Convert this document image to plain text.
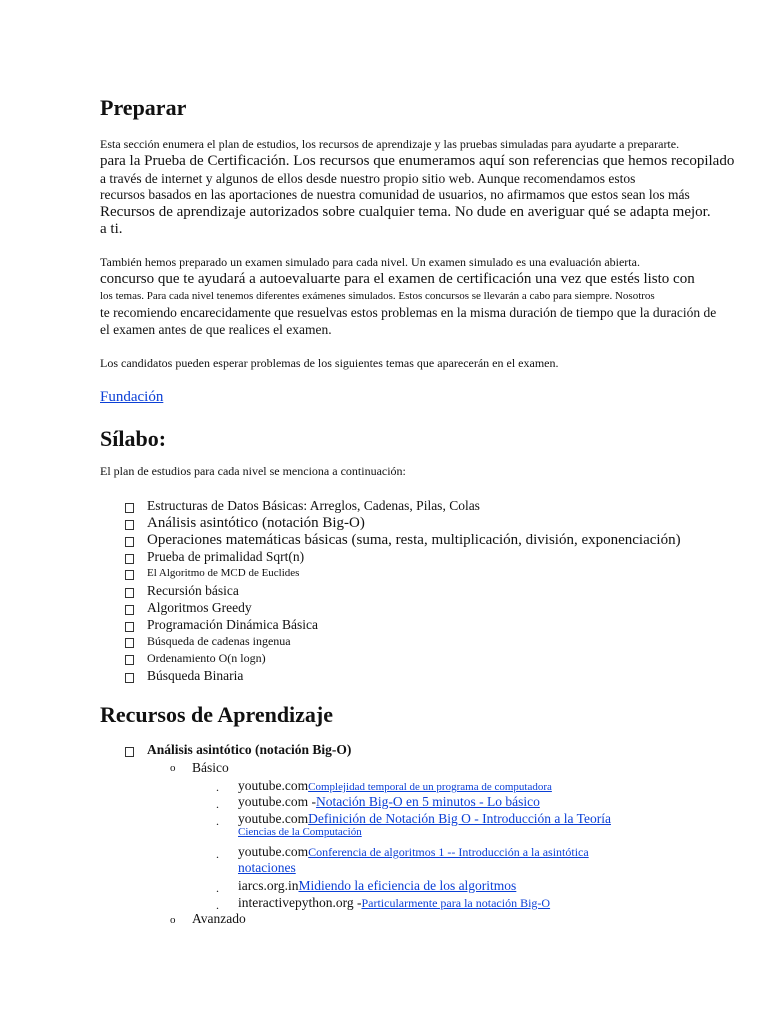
Preparar
Esta sección enumera el plan de estudios, los recursos de aprendizaje y las pruebas simuladas para ayudarte a prepararte.
para la Prueba de Certificación. Los recursos que enumeramos aquí son referencias que hemos recopilado
a través de internet y algunos de ellos desde nuestro propio sitio web. Aunque recomendamos estos
recursos basados en las aportaciones de nuestra comunidad de usuarios, no afirmamos que estos sean los más
Recursos de aprendizaje autorizados sobre cualquier tema. No dude en averiguar qué se adapta mejor.
a ti.
También hemos preparado un examen simulado para cada nivel. Un examen simulado es una evaluación abierta.
concurso que te ayudará a autoevaluarte para el examen de certificación una vez que estés listo con
los temas. Para cada nivel tenemos diferentes exámenes simulados. Estos concursos se llevarán a cabo para siempre. Nosotros
te recomiendo encarecidamente que resuelvas estos problemas en la misma duración de tiempo que la duración de
el examen antes de que realices el examen.
Los candidatos pueden esperar problemas de los siguientes temas que aparecerán en el examen.
Fundación
Sílabo:
El plan de estudios para cada nivel se menciona a continuación:
Estructuras de Datos Básicas: Arreglos, Cadenas, Pilas, Colas
Análisis asintótico (notación Big-O)
Operaciones matemáticas básicas (suma, resta, multiplicación, división, exponenciación)
Prueba de primalidad Sqrt(n)
El Algoritmo de MCD de Euclides
Recursión básica
Algoritmos Greedy
Programación Dinámica Básica
Búsqueda de cadenas ingenua
Ordenamiento O(n logn)
Búsqueda Binaria
Recursos de Aprendizaje
Análisis asintótico (notación Big-O)
o Básico
. youtube.comComplejidad temporal de un programa de computadora
. youtube.com -Notación Big-O en 5 minutos - Lo básico
. youtube.comDefinición de Notación Big O - Introducción a la Teoría
Ciencias de la Computación
. youtube.comConferencia de algoritmos 1 -- Introducción a la asintótica
notaciones
. iarcs.org.inMidiendo la eficiencia de los algoritmos
. interactivepython.org -Particularmente para la notación Big-O
o Avanzado
